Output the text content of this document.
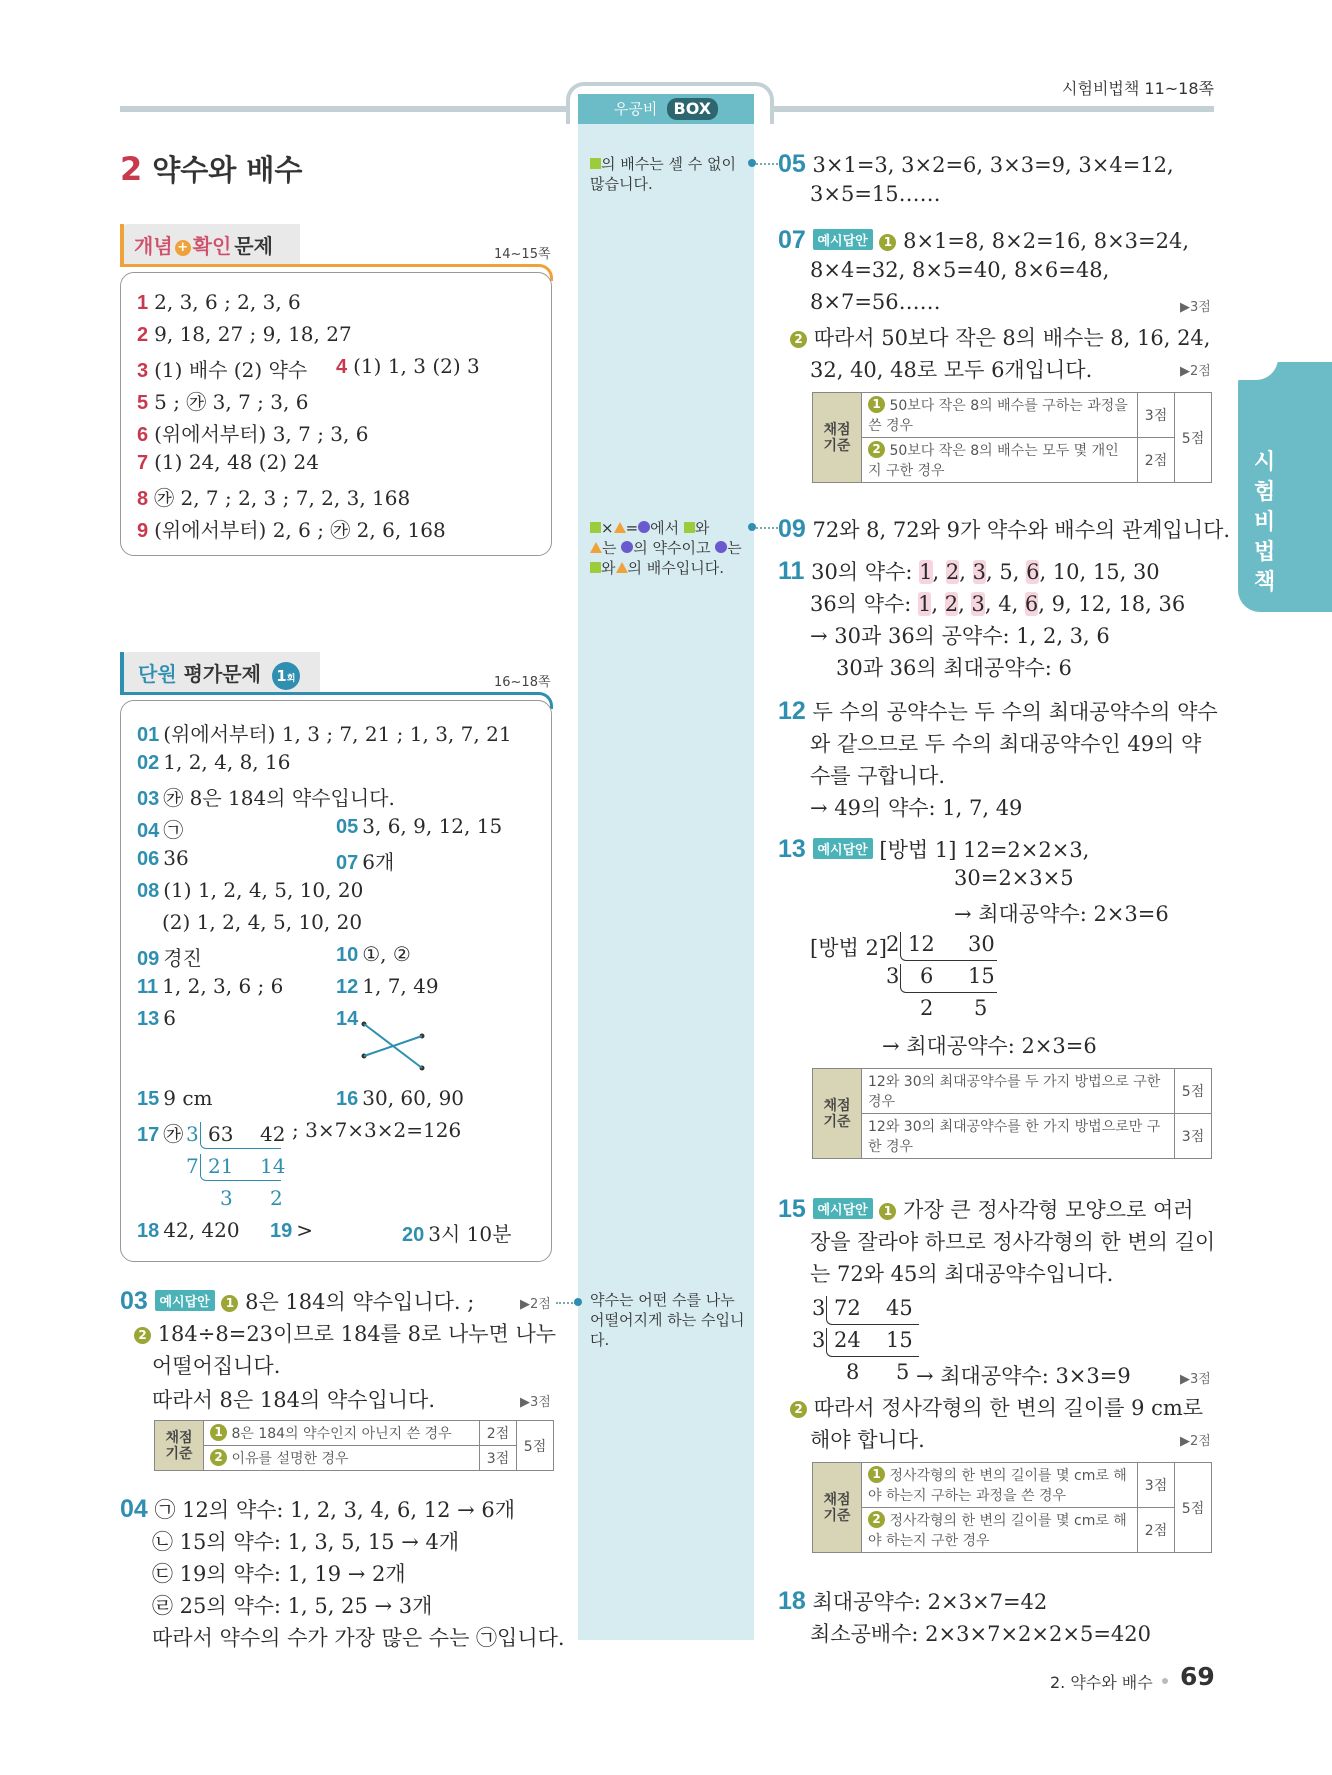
시험비법책 11~18쪽
우공비 BOX
시험비법책
2 약수와 배수
개념 + 확인 문제	14~15쪽
1 2, 3, 6 ; 2, 3, 6
2 9, 18, 27 ; 9, 18, 27
3 (1) 배수 (2) 약수 4 (1) 1, 3 (2) 3
5 5 ; ㉮ 3, 7 ; 3, 6
6 (위에서부터) 3, 7 ; 3, 6
7 (1) 24, 48 (2) 24
8 ㉮ 2, 7 ; 2, 3 ; 7, 2, 3, 168
9 (위에서부터) 2, 6 ; ㉮ 2, 6, 168
단원 평가문제 1회	16~18쪽
01 (위에서부터) 1, 3 ; 7, 21 ; 1, 3, 7, 21
02 1, 2, 4, 8, 16
03 ㉮ 8은 184의 약수입니다.
04 ㉠	05 3, 6, 9, 12, 15
06 36	07 6개
08 (1) 1, 2, 4, 5, 10, 20
(2) 1, 2, 4, 5, 10, 20
09 경진	10 ①, ②
11 1, 2, 3, 6 ; 6	12 1, 7, 49
13 6	14
15 9 cm	16 30, 60, 90
17 ㉮ 3 63 42
7 21 14
3 2
; 3×7×3×2=126
18 42, 420 19 >	20 3시 10분
03 예시답안 1 8은 184의 약수입니다. ;	▶2점
2 184÷8=23이므로 184를 8로 나누면 나누
어떨어집니다.
따라서 8은 184의 약수입니다.	▶3점
채점 기준	1 8은 184의 약수인지 아닌지 쓴 경우	2점	5점
	2 이유를 설명한 경우	3점	
04 ㉠ 12의 약수: 1, 2, 3, 4, 6, 12 → 6개
㉡ 15의 약수: 1, 3, 5, 15 → 4개
㉢ 19의 약수: 1, 19 → 2개
㉣ 25의 약수: 1, 5, 25 → 3개
따라서 약수의 수가 가장 많은 수는 ㉠입니다.
의 배수는 셀 수 없이 많습니다.
× = 에서 와
는 의 약수이고 는
와 의 배수입니다.
약수는 어떤 수를 나누어떨어지게 하는 수입니다.
05 3×1=3, 3×2=6, 3×3=9, 3×4=12,
3×5=15……
07 예시답안 1 8×1=8, 8×2=16, 8×3=24,
8×4=32, 8×5=40, 8×6=48,
8×7=56……	▶3점
2 따라서 50보다 작은 8의 배수는 8, 16, 24,
32, 40, 48로 모두 6개입니다.	▶2점
채점 기준	1 50보다 작은 8의 배수를 구하는 과정을 쓴 경우	3점	5점
	2 50보다 작은 8의 배수는 모두 몇 개인지 구한 경우	2점	
09 72와 8, 72와 9가 약수와 배수의 관계입니다.
11 30의 약수: 1, 2, 3, 5, 6, 10, 15, 30
36의 약수: 1, 2, 3, 4, 6, 9, 12, 18, 36
→ 30과 36의 공약수: 1, 2, 3, 6
30과 36의 최대공약수: 6
12 두 수의 공약수는 두 수의 최대공약수의 약수
와 같으므로 두 수의 최대공약수인 49의 약
수를 구합니다.
→ 49의 약수: 1, 7, 49
13 예시답안 [방법 1] 12=2×2×3,
30=2×3×5
→ 최대공약수: 2×3=6
[방법 2] 2 12 30
3 6 15
2 5
→ 최대공약수: 2×3=6
채점 기준	12와 30의 최대공약수를 두 가지 방법으로 구한 경우	5점
	12와 30의 최대공약수를 한 가지 방법으로만 구한 경우	3점
15 예시답안 1 가장 큰 정사각형 모양으로 여러
장을 잘라야 하므로 정사각형의 한 변의 길이
는 72와 45의 최대공약수입니다.
3 72 45
3 24 15
8 5 → 최대공약수: 3×3=9	▶3점
2 따라서 정사각형의 한 변의 길이를 9 cm로
해야 합니다.	▶2점
채점 기준	1 정사각형의 한 변의 길이를 몇 cm로 해야 하는지 구하는 과정을 쓴 경우	3점	5점
	2 정사각형의 한 변의 길이를 몇 cm로 해야 하는지 구한 경우	2점	
18 최대공약수: 2×3×7=42
최소공배수: 2×3×7×2×2×5=420
2. 약수와 배수 69
